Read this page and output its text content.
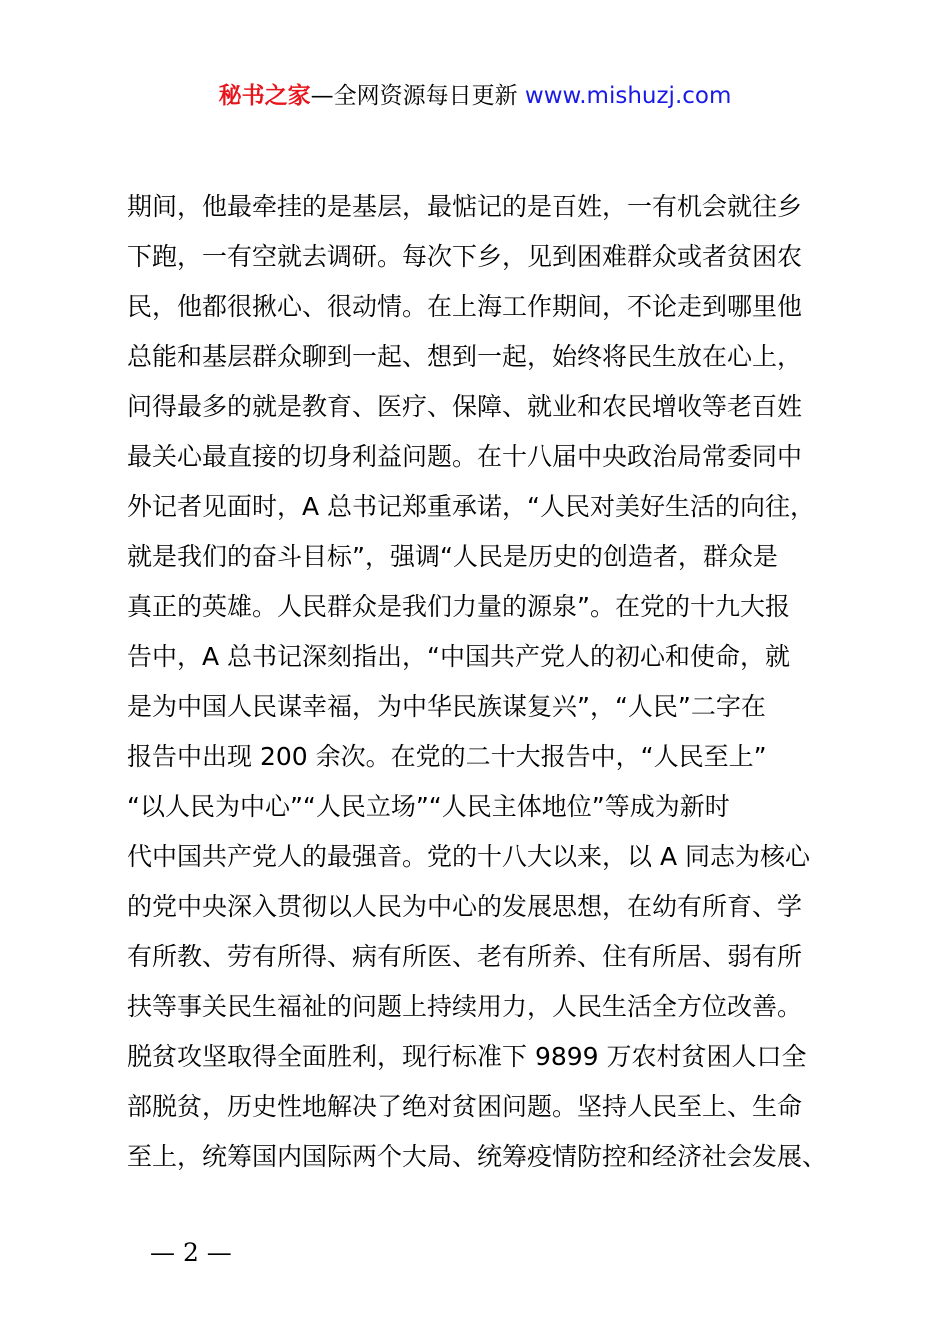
秘书之家—全网资源每日更新 www.mishuzj.com
期间，他最牵挂的是基层，最惦记的是百姓，一有机会就往乡
下跑，一有空就去调研。每次下乡，见到困难群众或者贫困农
民，他都很揪心、很动情。在上海工作期间，不论走到哪里他
总能和基层群众聊到一起、想到一起，始终将民生放在心上，
问得最多的就是教育、医疗、保障、就业和农民增收等老百姓
最关心最直接的切身利益问题。在十八届中央政治局常委同中
外记者见面时，A 总书记郑重承诺，“人民对美好生活的向往，
就是我们的奋斗目标”，强调“人民是历史的创造者，群众是
真正的英雄。人民群众是我们力量的源泉”。在党的十九大报
告中，A 总书记深刻指出，“中国共产党人的初心和使命，就
是为中国人民谋幸福，为中华民族谋复兴”，“人民”二字在
报告中出现 200 余次。在党的二十大报告中，“人民至上”
“以人民为中心”“人民立场”“人民主体地位”等成为新时
代中国共产党人的最强音。党的十八大以来，以 A 同志为核心
的党中央深入贯彻以人民为中心的发展思想，在幼有所育、学
有所教、劳有所得、病有所医、老有所养、住有所居、弱有所
扶等事关民生福祉的问题上持续用力，人民生活全方位改善。
脱贫攻坚取得全面胜利，现行标准下 9899 万农村贫困人口全
部脱贫，历史性地解决了绝对贫困问题。坚持人民至上、生命
至上，统筹国内国际两个大局、统筹疫情防控和经济社会发展、
— 2 —
